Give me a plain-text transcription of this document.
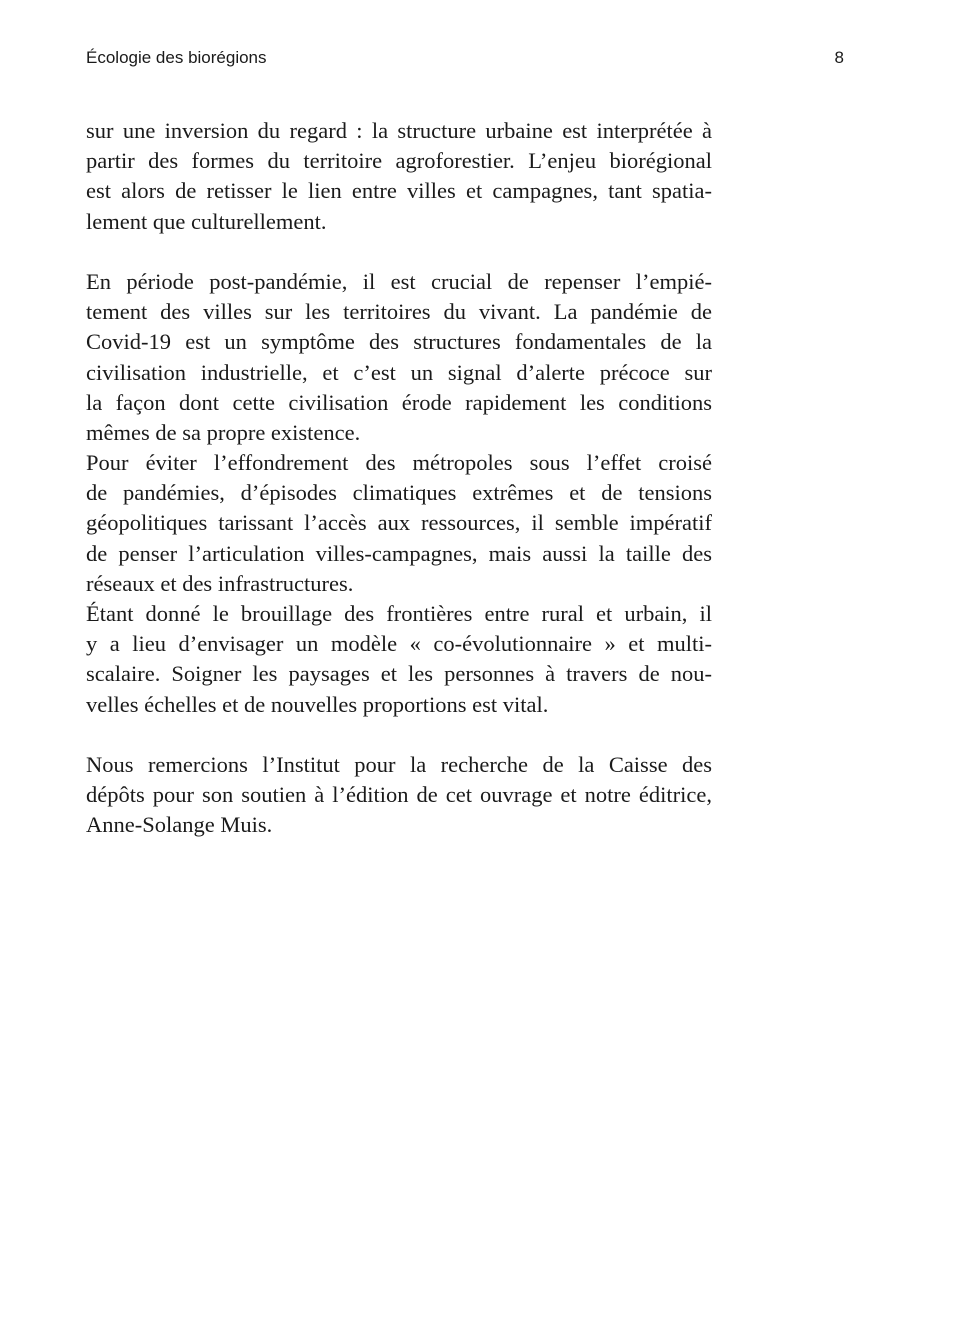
Écologie des biorégions	8
sur une inversion du regard : la structure urbaine est interprétée à
partir des formes du territoire agroforestier. L’enjeu biorégional
est alors de retisser le lien entre villes et campagnes, tant spatia-
lement que culturellement.
En période post-pandémie, il est crucial de repenser l’empié-
tement des villes sur les territoires du vivant. La pandémie de
Covid-19 est un symptôme des structures fondamentales de la
civilisation industrielle, et c’est un signal d’alerte précoce sur
la façon dont cette civilisation érode rapidement les conditions
mêmes de sa propre existence.
Pour éviter l’effondrement des métropoles sous l’effet croisé
de pandémies, d’épisodes climatiques extrêmes et de tensions
géopolitiques tarissant l’accès aux ressources, il semble impératif
de penser l’articulation villes-campagnes, mais aussi la taille des
réseaux et des infrastructures.
Étant donné le brouillage des frontières entre rural et urbain, il
y a lieu d’envisager un modèle « co-évolutionnaire » et multi-
scalaire. Soigner les paysages et les personnes à travers de nou-
velles échelles et de nouvelles proportions est vital.
Nous remercions l’Institut pour la recherche de la Caisse des
dépôts pour son soutien à l’édition de cet ouvrage et notre éditrice,
Anne-Solange Muis.
